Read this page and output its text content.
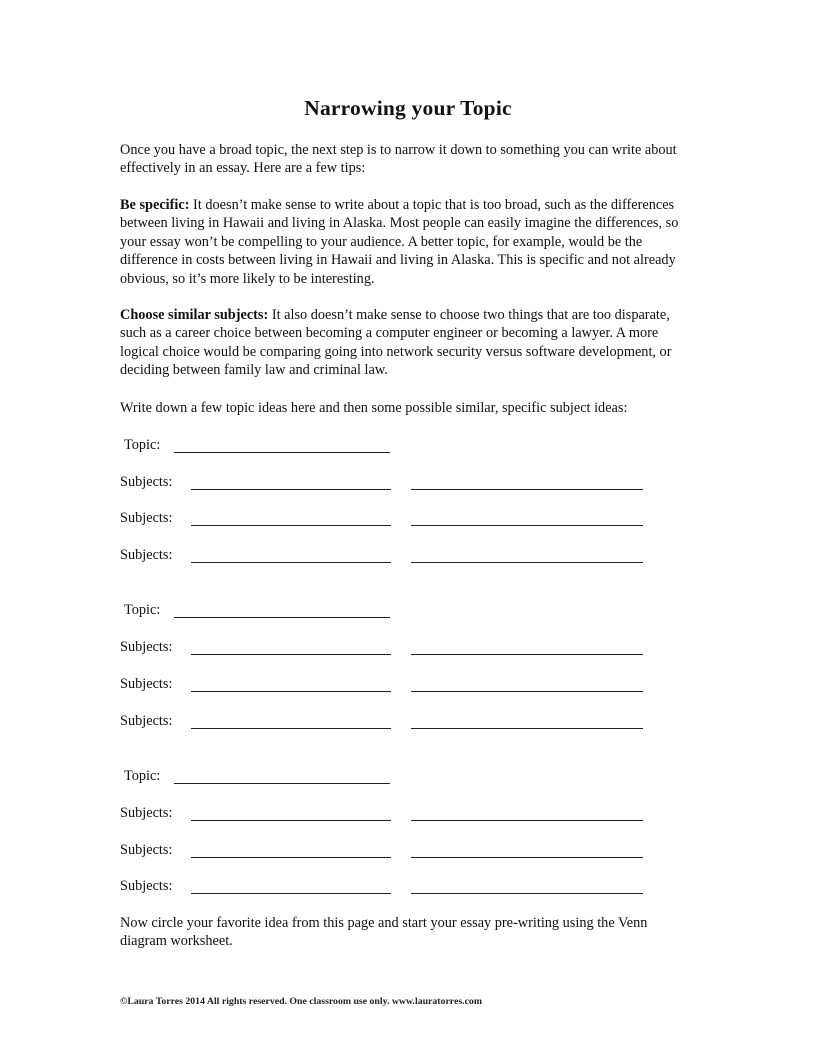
Narrowing your Topic

Once you have a broad topic, the next step is to narrow it down to something you can write about effectively in an essay. Here are a few tips:

Be specific: It doesn’t make sense to write about a topic that is too broad, such as the differences between living in Hawaii and living in Alaska. Most people can easily imagine the differences, so your essay won’t be compelling to your audience. A better topic, for example, would be the difference in costs between living in Hawaii and living in Alaska. This is specific and not already obvious, so it’s more likely to be interesting.

Choose similar subjects: It also doesn’t make sense to choose two things that are too disparate, such as a career choice between becoming a computer engineer or becoming a lawyer. A more logical choice would be comparing going into network security versus software development, or deciding between family law and criminal law.

Write down a few topic ideas here and then some possible similar, specific subject ideas:

Topic:
Subjects:
Subjects:
Subjects:
Topic:
Subjects:
Subjects:
Subjects:
Topic:
Subjects:
Subjects:
Subjects:

Now circle your favorite idea from this page and start your essay pre-writing using the Venn diagram worksheet.

©Laura Torres 2014 All rights reserved. One classroom use only. www.lauratorres.com
